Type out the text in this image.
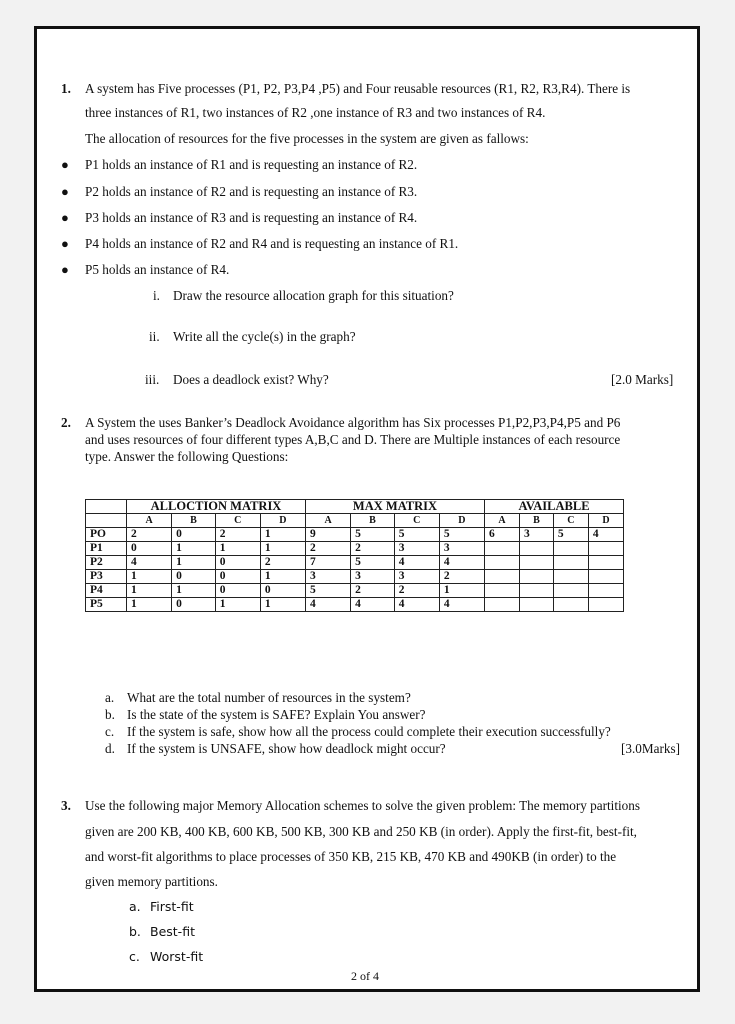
1. A system has Five processes (P1, P2, P3,P4 ,P5) and Four reusable resources (R1, R2, R3,R4). There is
three instances of R1, two instances of R2 ,one instance of R3 and two instances of R4.
The allocation of resources for the five processes in the system are given as fallows:
● P1 holds an instance of R1 and is requesting an instance of R2.
● P2 holds an instance of R2 and is requesting an instance of R3.
● P3 holds an instance of R3 and is requesting an instance of R4.
● P4 holds an instance of R2 and R4 and is requesting an instance of R1.
● P5 holds an instance of R4.
i. Draw the resource allocation graph for this situation?
ii. Write all the cycle(s) in the graph?
iii. Does a deadlock exist? Why?	[2.0 Marks]
2. A System the uses Banker’s Deadlock Avoidance algorithm has Six processes P1,P2,P3,P4,P5 and P6
and uses resources of four different types A,B,C and D. There are Multiple instances of each resource
type. Answer the following Questions:
	ALLOCTION MATRIX				MAX MATRIX				AVAILABLE			
	A	B	C	D	A	B	C	D	A	B	C	D
PO	2	0	2	1	9	5	5	5	6	3	5	4
P1	0	1	1	1	2	2	3	3				
P2	4	1	0	2	7	5	4	4				
P3	1	0	0	1	3	3	3	2				
P4	1	1	0	0	5	2	2	1				
P5	1	0	1	1	4	4	4	4				
a. What are the total number of resources in the system?
b. Is the state of the system is SAFE? Explain You answer?
c. If the system is safe, show how all the process could complete their execution successfully?
d. If the system is UNSAFE, show how deadlock might occur?	[3.0Marks]
3. Use the following major Memory Allocation schemes to solve the given problem: The memory partitions
given are 200 KB, 400 KB, 600 KB, 500 KB, 300 KB and 250 KB (in order). Apply the first-fit, best-fit,
and worst-fit algorithms to place processes of 350 KB, 215 KB, 470 KB and 490KB (in order) to the
given memory partitions.
a. First-fit
b. Best-fit
c. Worst-fit
2 of 4
